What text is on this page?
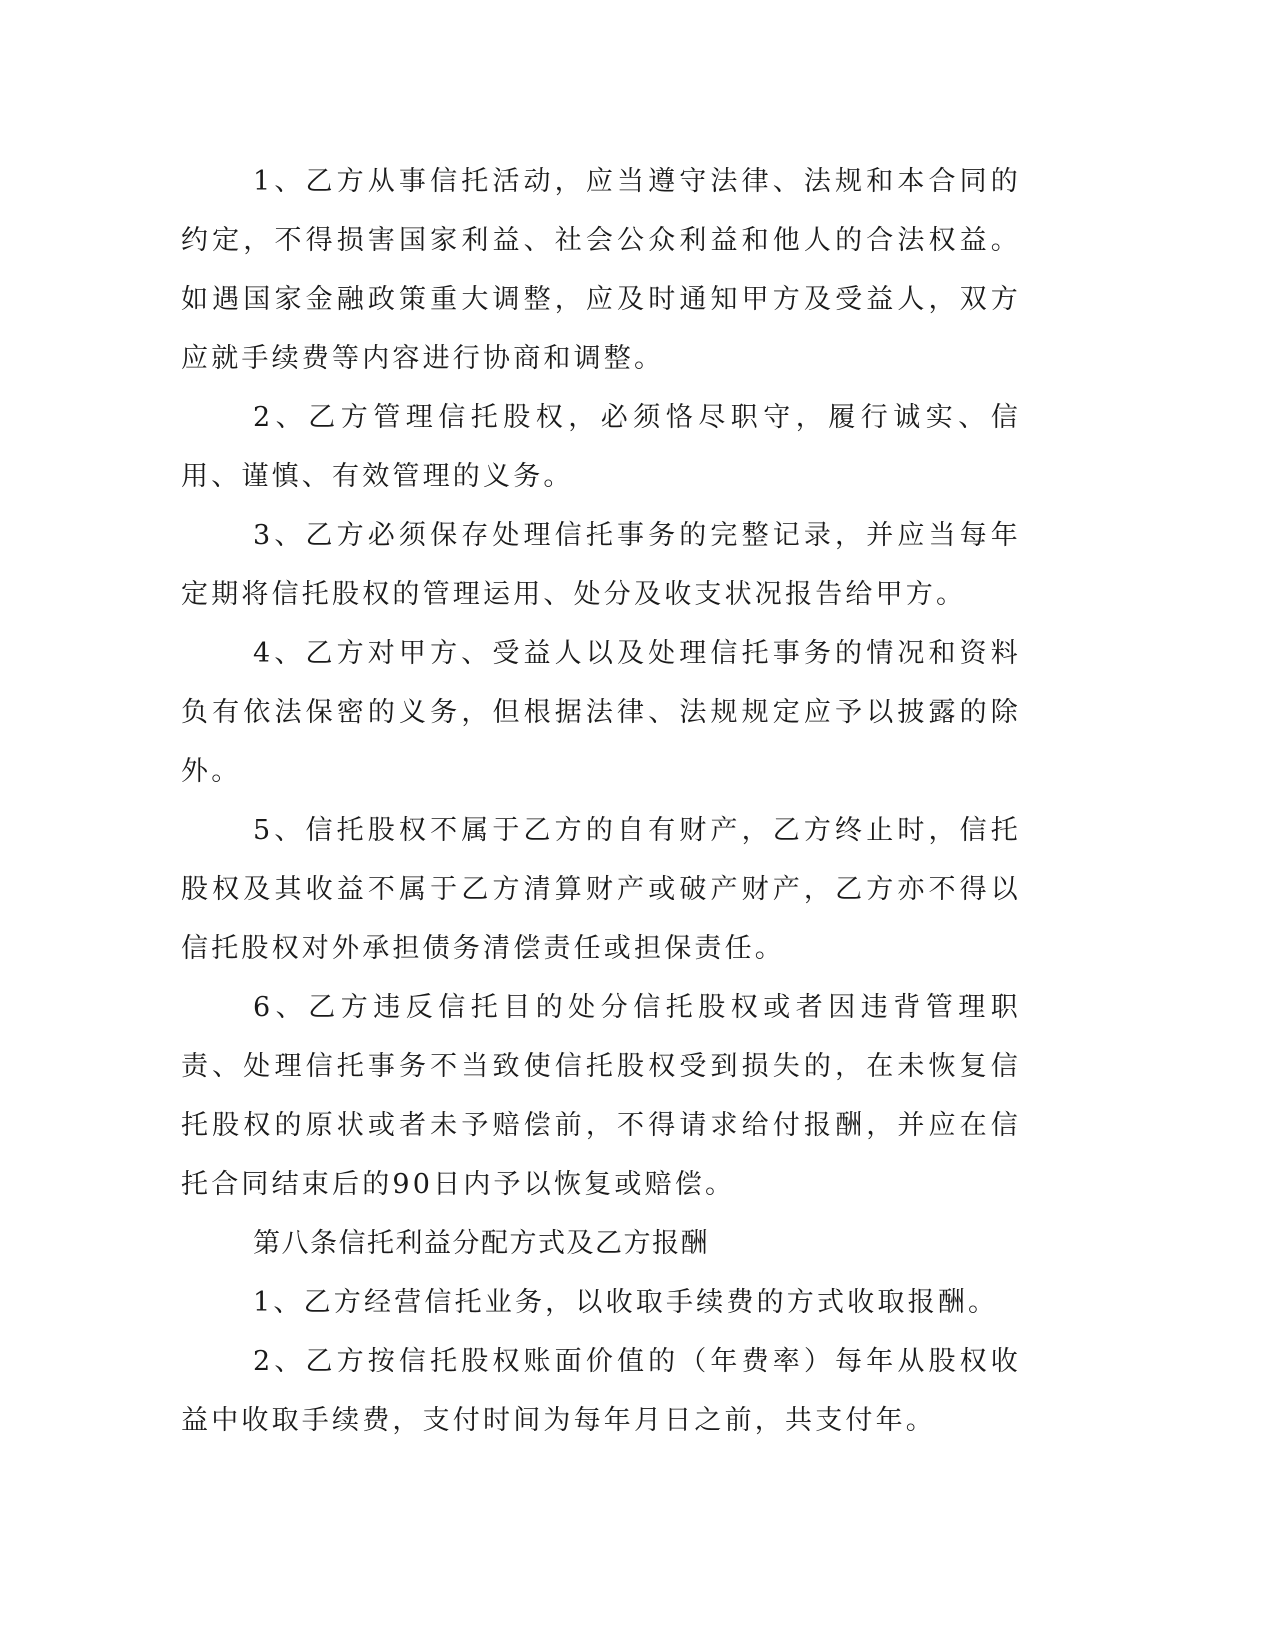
1、乙方从事信托活动，应当遵守法律、法规和本合同的约定，不得损害国家利益、社会公众利益和他人的合法权益。如遇国家金融政策重大调整，应及时通知甲方及受益人，双方应就手续费等内容进行协商和调整。

2、乙方管理信托股权，必须恪尽职守，履行诚实、信用、谨慎、有效管理的义务。

3、乙方必须保存处理信托事务的完整记录，并应当每年定期将信托股权的管理运用、处分及收支状况报告给甲方。

4、乙方对甲方、受益人以及处理信托事务的情况和资料负有依法保密的义务，但根据法律、法规规定应予以披露的除外。

5、信托股权不属于乙方的自有财产，乙方终止时，信托股权及其收益不属于乙方清算财产或破产财产，乙方亦不得以信托股权对外承担债务清偿责任或担保责任。

6、乙方违反信托目的处分信托股权或者因违背管理职责、处理信托事务不当致使信托股权受到损失的，在未恢复信托股权的原状或者未予赔偿前，不得请求给付报酬，并应在信托合同结束后的90日内予以恢复或赔偿。

第八条信托利益分配方式及乙方报酬

1、乙方经营信托业务，以收取手续费的方式收取报酬。

2、乙方按信托股权账面价值的（年费率）每年从股权收益中收取手续费，支付时间为每年月日之前，共支付年。
